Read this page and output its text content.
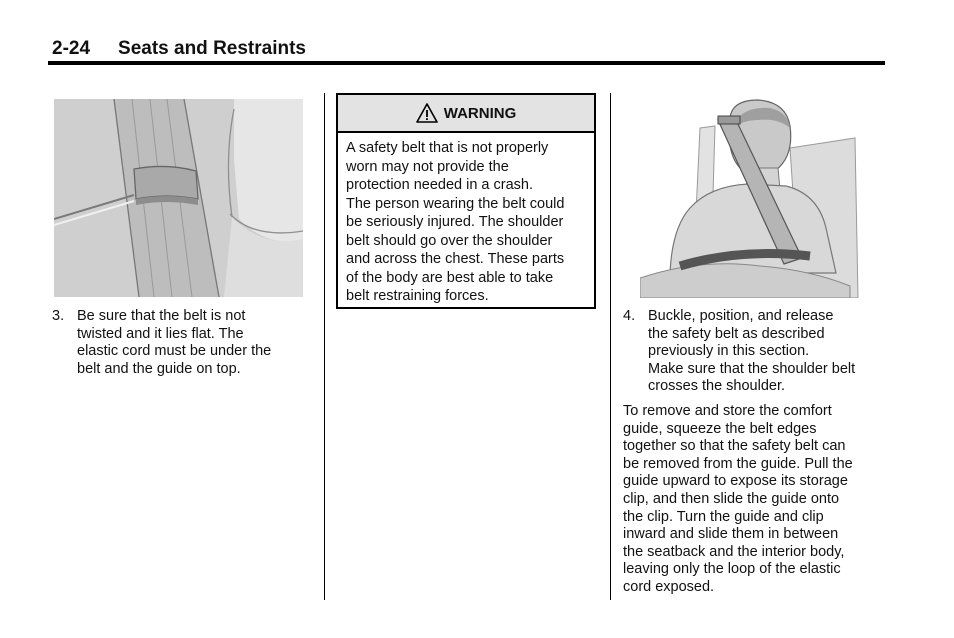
2-24 Seats and Restraints
3. Be sure that the belt is not
twisted and it lies flat. The
elastic cord must be under the
belt and the guide on top.
WARNING
A safety belt that is not properly
worn may not provide the
protection needed in a crash.
The person wearing the belt could
be seriously injured. The shoulder
belt should go over the shoulder
and across the chest. These parts
of the body are best able to take
belt restraining forces.
4. Buckle, position, and release
the safety belt as described
previously in this section.
Make sure that the shoulder belt
crosses the shoulder.
To remove and store the comfort
guide, squeeze the belt edges
together so that the safety belt can
be removed from the guide. Pull the
guide upward to expose its storage
clip, and then slide the guide onto
the clip. Turn the guide and clip
inward and slide them in between
the seatback and the interior body,
leaving only the loop of the elastic
cord exposed.
